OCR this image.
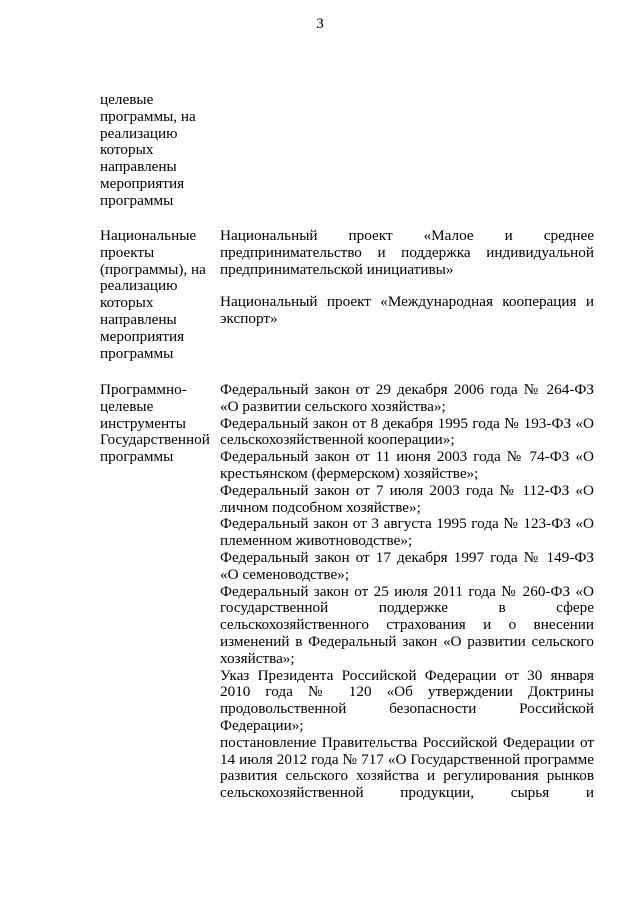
3
целевые
программы, на
реализацию
которых
направлены
мероприятия
программы
Национальные
проекты
(программы), на
реализацию
которых
направлены
мероприятия
программы
Национальный проект «Малое и среднее предпринимательство и поддержка индивидуальной предпринимательской инициативы»
Национальный проект «Международная кооперация и экспорт»
Программно-
целевые
инструменты
Государственной
программы
Федеральный закон от 29 декабря 2006 года № 264-ФЗ «О развитии сельского хозяйства»;
Федеральный закон от 8 декабря 1995 года № 193-ФЗ «О сельскохозяйственной кооперации»;
Федеральный закон от 11 июня 2003 года № 74-ФЗ «О крестьянском (фермерском) хозяйстве»;
Федеральный закон от 7 июля 2003 года № 112-ФЗ «О личном подсобном хозяйстве»;
Федеральный закон от 3 августа 1995 года № 123-ФЗ «О племенном животноводстве»;
Федеральный закон от 17 декабря 1997 года № 149-ФЗ «О семеноводстве»;
Федеральный закон от 25 июля 2011 года № 260-ФЗ «О государственной поддержке в сфере сельскохозяйственного страхования и о внесении изменений в Федеральный закон «О развитии сельского хозяйства»;
Указ Президента Российской Федерации от 30 января 2010 года № 120 «Об утверждении Доктрины продовольственной безопасности Российской Федерации»;
постановление Правительства Российской Федерации от 14 июля 2012 года № 717 «О Государственной программе развития сельского хозяйства и регулирования рынков сельскохозяйственной продукции, сырья и
